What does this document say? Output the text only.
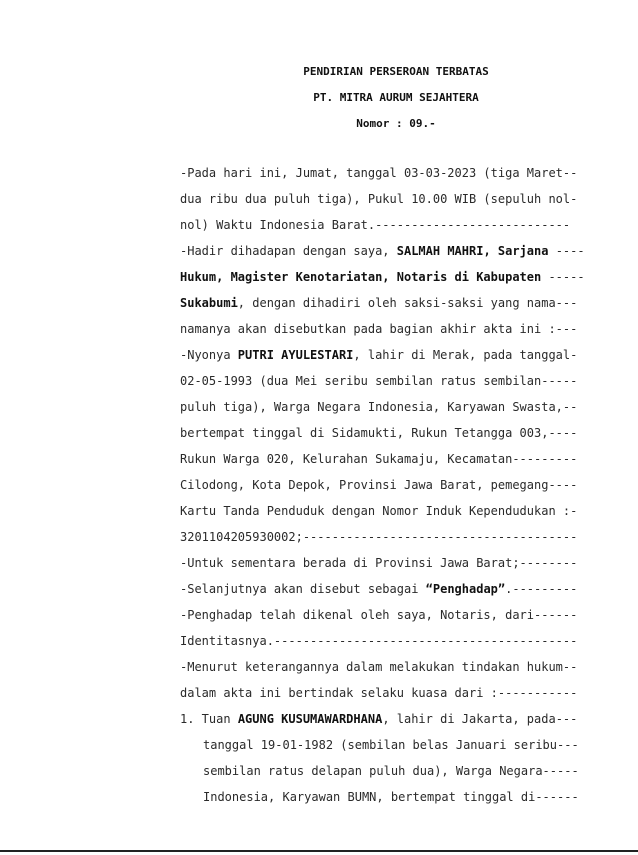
PENDIRIAN PERSEROAN TERBATAS
PT. MITRA AURUM SEJAHTERA
Nomor : 09.-
-Pada hari ini, Jumat, tanggal 03-03-2023 (tiga Maret--
dua ribu dua puluh tiga), Pukul 10.00 WIB (sepuluh nol-
nol) Waktu Indonesia Barat.---------------------------
-Hadir dihadapan dengan saya, SALMAH MAHRI, Sarjana ----
Hukum, Magister Kenotariatan, Notaris di Kabupaten -----
Sukabumi, dengan dihadiri oleh saksi-saksi yang nama---
namanya akan disebutkan pada bagian akhir akta ini :---
-Nyonya PUTRI AYULESTARI, lahir di Merak, pada tanggal-
02-05-1993 (dua Mei seribu sembilan ratus sembilan-----
puluh tiga), Warga Negara Indonesia, Karyawan Swasta,--
bertempat tinggal di Sidamukti, Rukun Tetangga 003,----
Rukun Warga 020, Kelurahan Sukamaju, Kecamatan---------
Cilodong, Kota Depok, Provinsi Jawa Barat, pemegang----
Kartu Tanda Penduduk dengan Nomor Induk Kependudukan :-
3201104205930002;--------------------------------------
-Untuk sementara berada di Provinsi Jawa Barat;--------
-Selanjutnya akan disebut sebagai “Penghadap”.---------
-Penghadap telah dikenal oleh saya, Notaris, dari------
Identitasnya.------------------------------------------
-Menurut keterangannya dalam melakukan tindakan hukum--
dalam akta ini bertindak selaku kuasa dari :-----------
1. Tuan AGUNG KUSUMAWARDHANA, lahir di Jakarta, pada---
tanggal 19-01-1982 (sembilan belas Januari seribu---
sembilan ratus delapan puluh dua), Warga Negara-----
Indonesia, Karyawan BUMN, bertempat tinggal di------
